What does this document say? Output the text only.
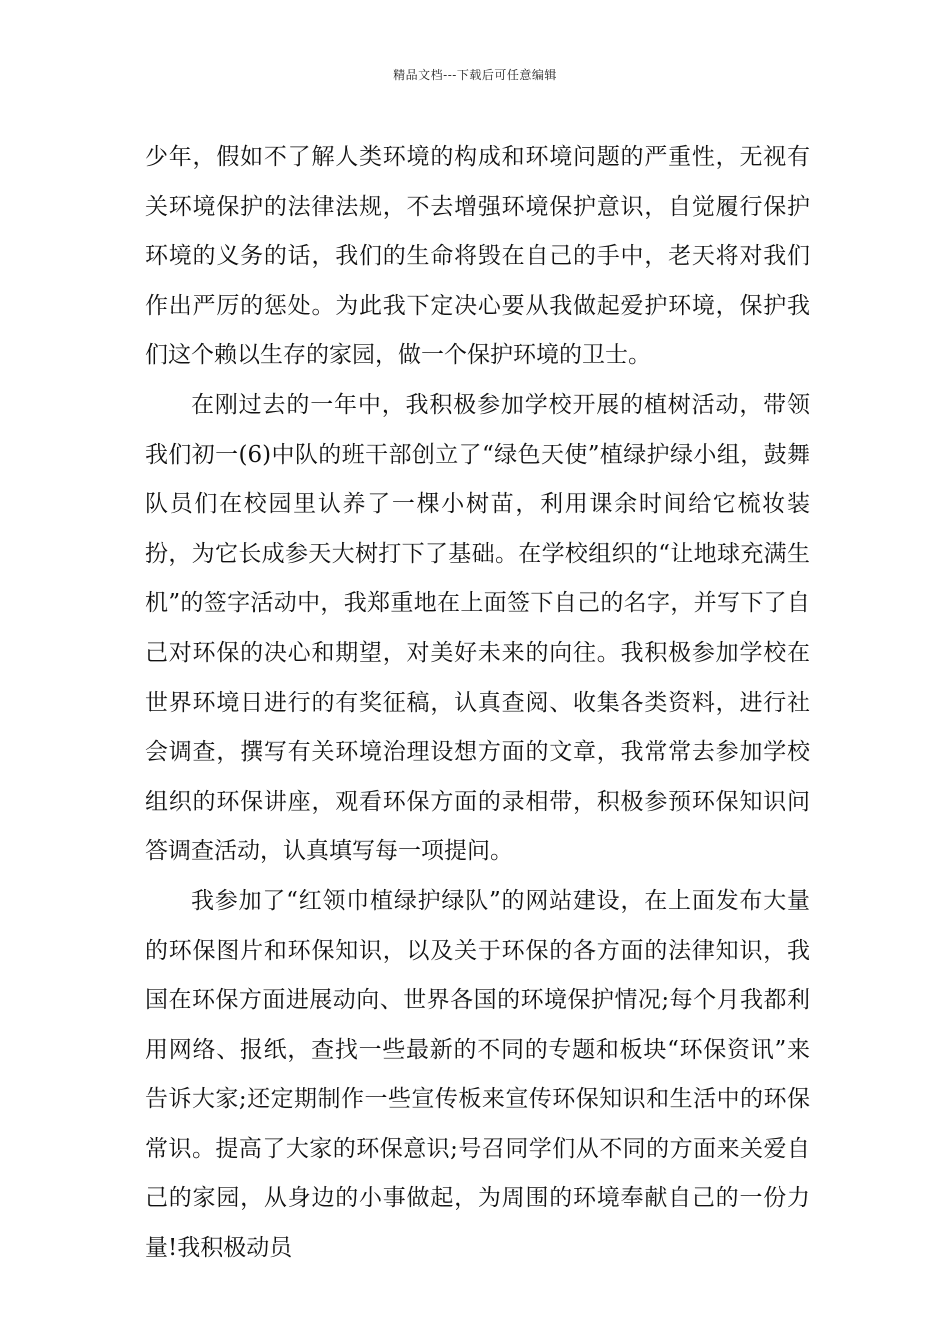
精品文档---下载后可任意编辑

少年，假如不了解人类环境的构成和环境问题的严重性，无视有关环境保护的法律法规，不去增强环境保护意识，自觉履行保护环境的义务的话，我们的生命将毁在自己的手中，老天将对我们作出严厉的惩处。为此我下定决心要从我做起爱护环境，保护我们这个赖以生存的家园，做一个保护环境的卫士。

在刚过去的一年中，我积极参加学校开展的植树活动，带领我们初一(6)中队的班干部创立了“绿色天使”植绿护绿小组，鼓舞队员们在校园里认养了一棵小树苗，利用课余时间给它梳妆装扮，为它长成参天大树打下了基础。在学校组织的“让地球充满生机”的签字活动中，我郑重地在上面签下自己的名字，并写下了自己对环保的决心和期望，对美好未来的向往。我积极参加学校在世界环境日进行的有奖征稿，认真查阅、收集各类资料，进行社会调查，撰写有关环境治理设想方面的文章，我常常去参加学校组织的环保讲座，观看环保方面的录相带，积极参预环保知识问答调查活动，认真填写每一项提问。

我参加了“红领巾植绿护绿队”的网站建设，在上面发布大量的环保图片和环保知识，以及关于环保的各方面的法律知识，我国在环保方面进展动向、世界各国的环境保护情况;每个月我都利用网络、报纸，查找一些最新的不同的专题和板块“环保资讯”来告诉大家;还定期制作一些宣传板来宣传环保知识和生活中的环保常识。提高了大家的环保意识;号召同学们从不同的方面来关爱自己的家园，从身边的小事做起，为周围的环境奉献自己的一份力量!我积极动员
